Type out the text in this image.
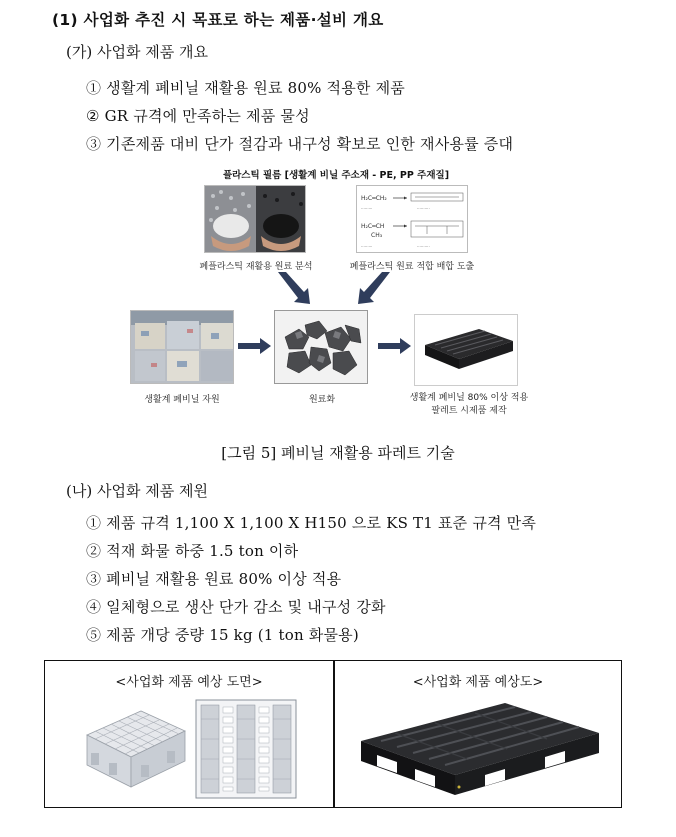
(1) 사업화 추진 시 목표로 하는 제품·설비 개요
(가) 사업화 제품 개요
① 생활계 폐비닐 재활용 원료 80% 적용한 제품
② GR 규격에 만족하는 제품 물성
③ 기존제품 대비 단가 절감과 내구성 확보로 인한 재사용률 증대
플라스틱 필름 [생활계 비닐 주소재 - PE, PP 주재질]
H₂C═CH₂
·········	··········
H₂C═CH
CH₃
·········	··········
폐플라스틱 재활용 원료 분석	폐플라스틱 원료 적합 배합 도출
생활계 폐비닐 자원	원료화	생활계 폐비닐 80% 이상 적용
팔레트 시제품 제작
[그림 5] 폐비닐 재활용 파레트 기술
(나) 사업화 제품 제원
① 제품 규격 1,100 X 1,100 X H150 으로 KS T1 표준 규격 만족
② 적재 화물 하중 1.5 ton 이하
③ 폐비닐 재활용 원료 80% 이상 적용
④ 일체형으로 생산 단가 감소 및 내구성 강화
⑤ 제품 개당 중량 15 kg (1 ton 화물용)
<사업화 제품 예상 도면>	<사업화 제품 예상도>
